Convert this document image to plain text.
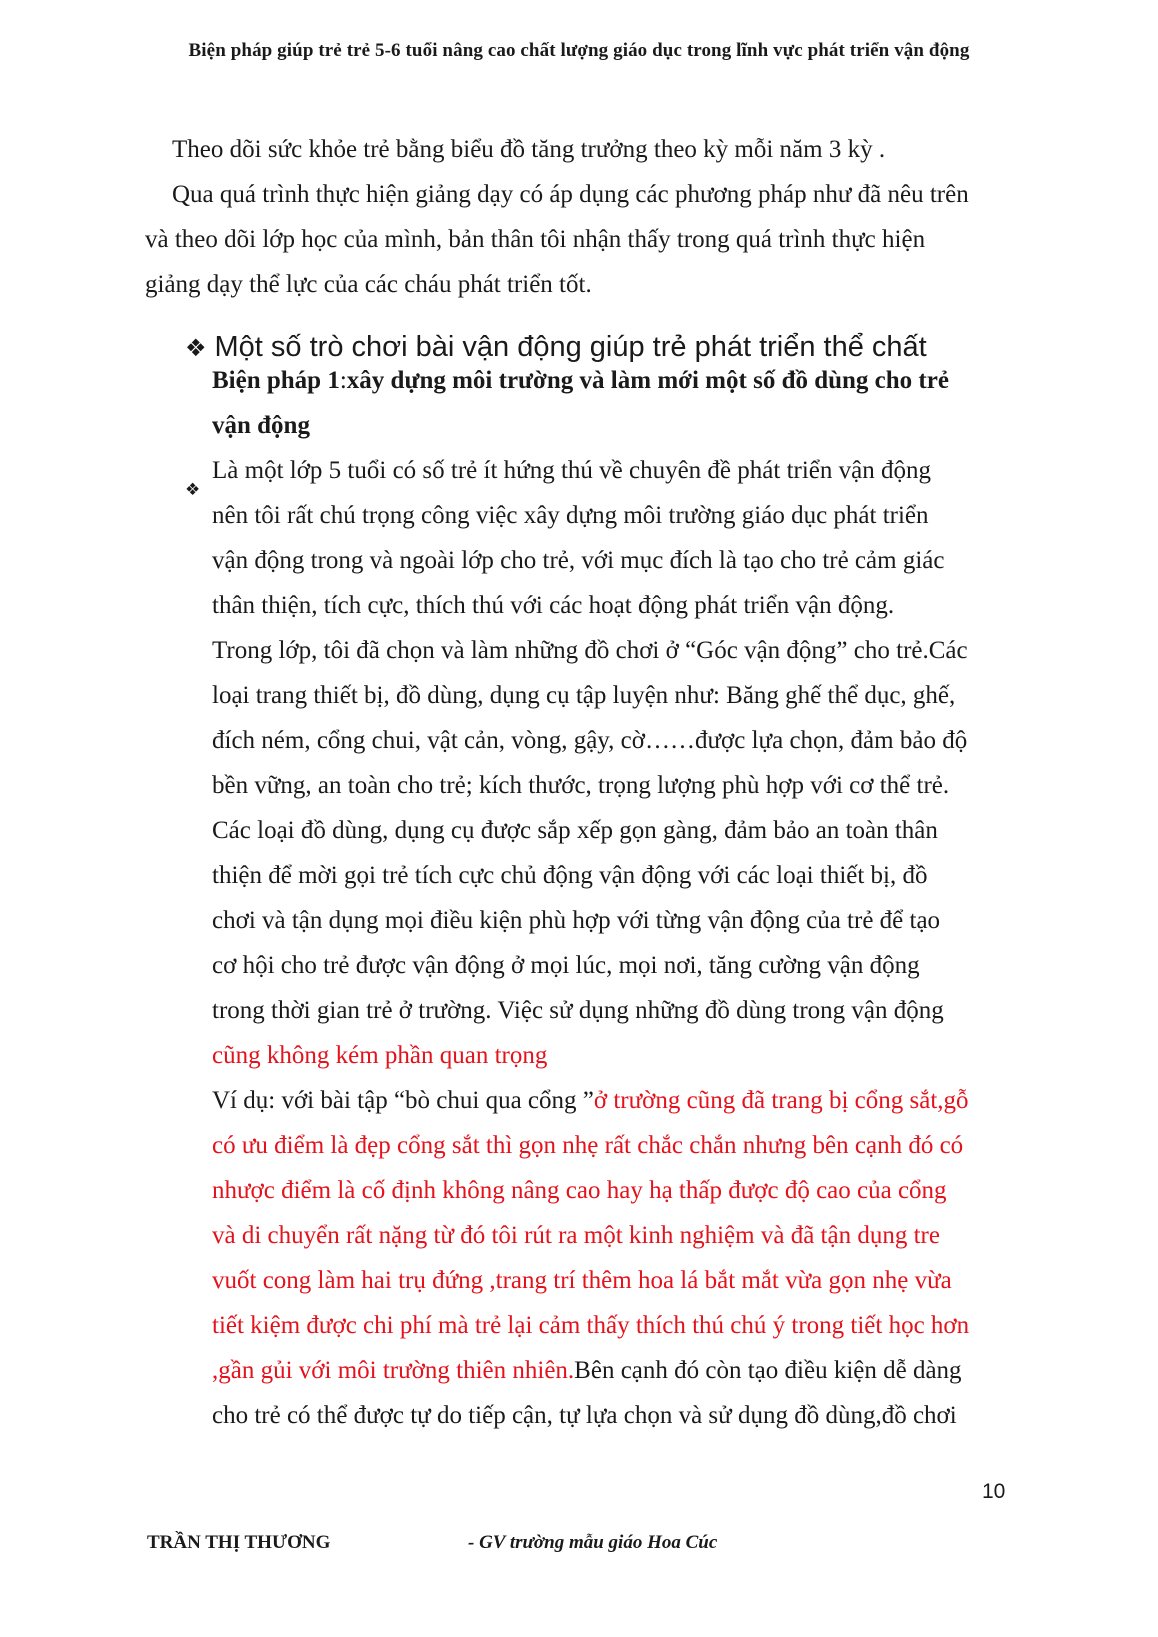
Biện pháp giúp trẻ trẻ 5-6 tuổi nâng cao chất lượng giáo dục trong lĩnh vực phát triển vận động
Theo dõi sức khỏe trẻ bằng biểu đồ tăng trưởng theo kỳ mỗi năm 3 kỳ .
Qua quá trình thực hiện giảng dạy có áp dụng các phương pháp như đã nêu trên
và theo dõi lớp học của mình, bản thân tôi nhận thấy trong quá trình thực hiện
giảng dạy thể lực của các cháu phát triển tốt.
❖ Một số trò chơi bài vận động giúp trẻ phát triển thể chất
Biện pháp 1:xây dựng môi trường và làm mới một số đồ dùng cho trẻ
vận động
❖
Là một lớp 5 tuổi có số trẻ ít hứng thú về chuyên đề phát triển vận động
nên tôi rất chú trọng công việc xây dựng môi trường giáo dục phát triển
vận động trong và ngoài lớp cho trẻ, với mục đích là tạo cho trẻ cảm giác
thân thiện, tích cực, thích thú với các hoạt động phát triển vận động.
Trong lớp, tôi đã chọn và làm những đồ chơi ở “Góc vận động” cho trẻ.Các
loại trang thiết bị, đồ dùng, dụng cụ tập luyện như: Băng ghế thể dục, ghế,
đích ném, cổng chui, vật cản, vòng, gậy, cờ……được lựa chọn, đảm bảo độ
bền vững, an toàn cho trẻ; kích thước, trọng lượng phù hợp với cơ thể trẻ.
Các loại đồ dùng, dụng cụ được sắp xếp gọn gàng, đảm bảo an toàn thân
thiện để mời gọi trẻ tích cực chủ động vận động với các loại thiết bị, đồ
chơi và tận dụng mọi điều kiện phù hợp với từng vận động của trẻ để tạo
cơ hội cho trẻ được vận động ở mọi lúc, mọi nơi, tăng cường vận động
trong thời gian trẻ ở trường. Việc sử dụng những đồ dùng trong vận động
cũng không kém phần quan trọng
Ví dụ: với bài tập “bò chui qua cổng ”ở trường cũng đã trang bị cổng sắt,gỗ
có ưu điểm là đẹp cổng sắt thì gọn nhẹ rất chắc chắn nhưng bên cạnh đó có
nhược điểm là cố định không nâng cao hay hạ thấp được độ cao của cổng
và di chuyển rất nặng từ đó tôi rút ra một kinh nghiệm và đã tận dụng tre
vuốt cong làm hai trụ đứng ,trang trí thêm hoa lá bắt mắt vừa gọn nhẹ vừa
tiết kiệm được chi phí mà trẻ lại cảm thấy thích thú chú ý trong tiết học hơn
,gần gủi với môi trường thiên nhiên.Bên cạnh đó còn tạo điều kiện dễ dàng
cho trẻ có thể được tự do tiếp cận, tự lựa chọn và sử dụng đồ dùng,đồ chơi
10
TRẦN THỊ THƯƠNG	- GV trường mẫu giáo Hoa Cúc
